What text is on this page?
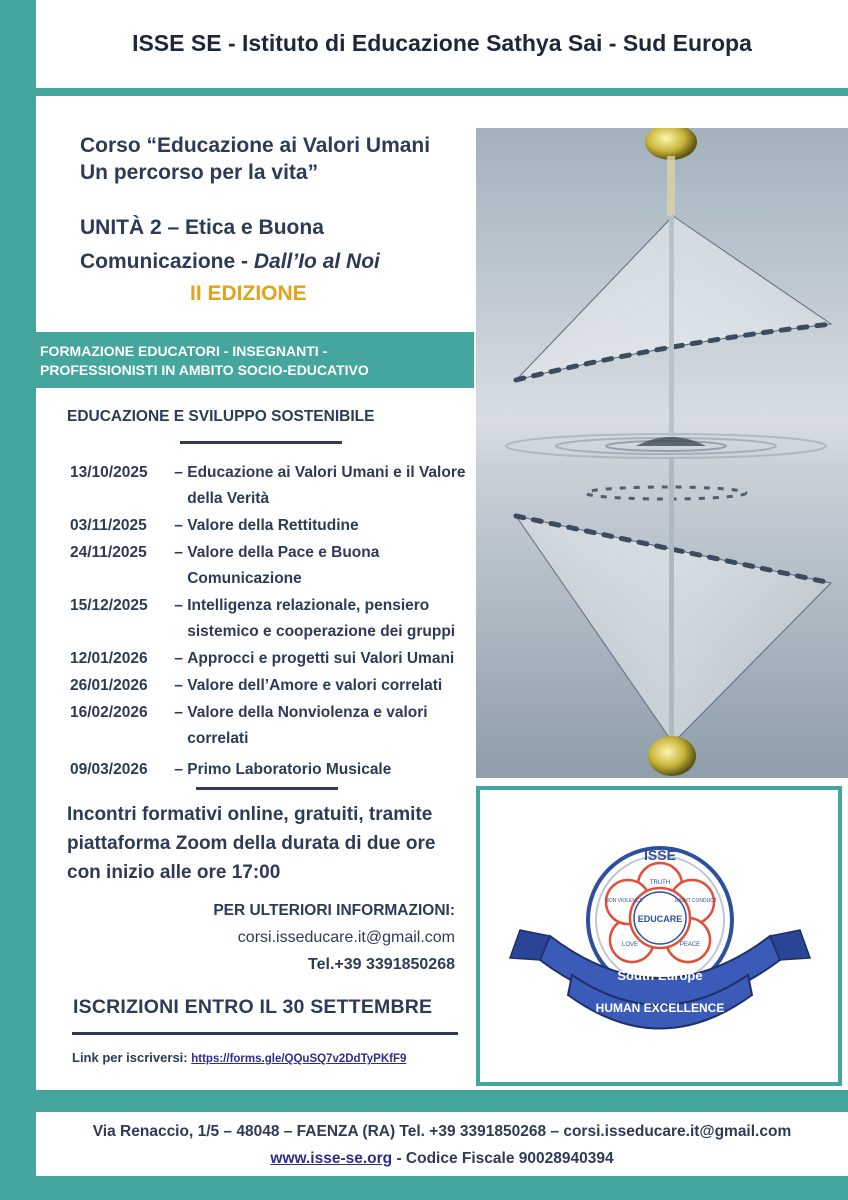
ISSE SE - Istituto di Educazione Sathya Sai - Sud Europa
Corso “Educazione ai Valori Umani
Un percorso per la vita”
UNITÀ 2 – Etica e Buona
Comunicazione - Dall’Io al Noi
II EDIZIONE
FORMAZIONE EDUCATORI - INSEGNANTI -
PROFESSIONISTI IN AMBITO SOCIO-EDUCATIVO
EDUCAZIONE E SVILUPPO SOSTENIBILE
13/10/2025	– Educazione ai Valori Umani e il Valore della Verità
03/11/2025	– Valore della Rettitudine
24/11/2025	– Valore della Pace e Buona Comunicazione
15/12/2025	– Intelligenza relazionale, pensiero sistemico e cooperazione dei gruppi
12/01/2026	– Approcci e progetti sui Valori Umani
26/01/2026	– Valore dell’Amore e valori correlati
16/02/2026	– Valore della Nonviolenza e valori correlati
09/03/2026	– Primo Laboratorio Musicale
Incontri formativi online, gratuiti, tramite
piattaforma Zoom della durata di due ore
con inizio alle ore 17:00
PER ULTERIORI INFORMAZIONI:
corsi.isseducare.it@gmail.com
Tel.+39 3391850268
ISCRIZIONI ENTRO IL 30 SETTEMBRE
Link per iscriversi: https://forms.gle/QQuSQ7v2DdTyPKfF9
ISSE
EDUCARE
TRUTH
RIGHT CONDUCT
PEACE
LOVE
NON VIOLENCE
South Europe
HUMAN EXCELLENCE
Via Renaccio, 1/5 – 48048 – FAENZA (RA) Tel. +39 3391850268 – corsi.isseducare.it@gmail.com
www.isse-se.org - Codice Fiscale 90028940394
